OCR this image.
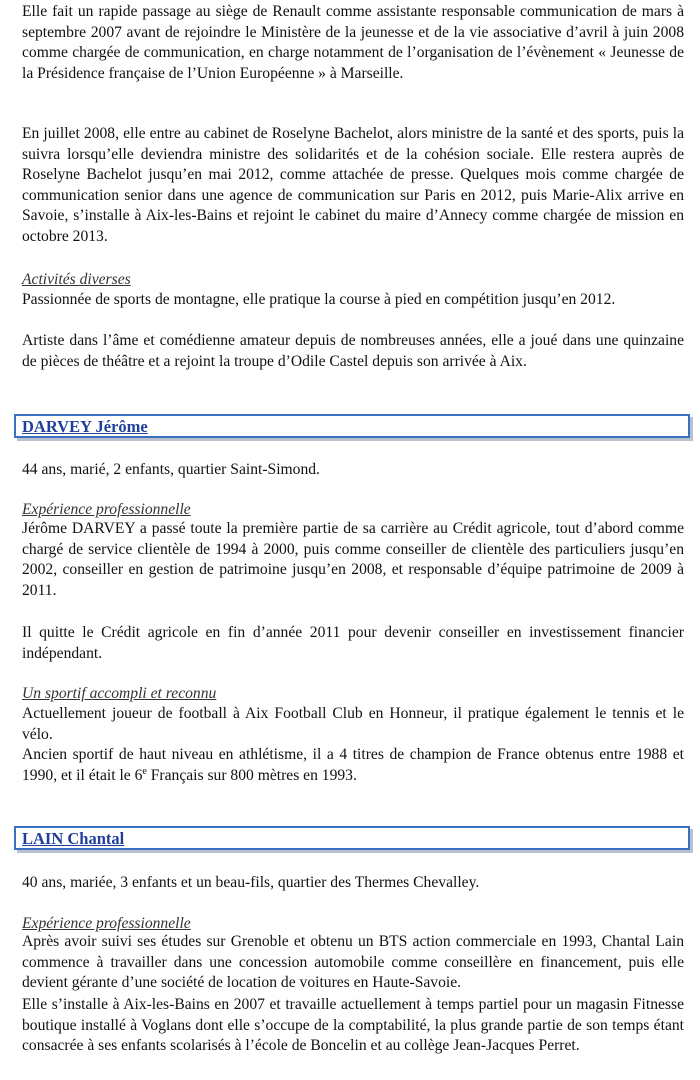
Elle fait un rapide passage au siège de Renault comme assistante responsable communication de mars à septembre 2007 avant de rejoindre le Ministère de la jeunesse et de la vie associative d’avril à juin 2008 comme chargée de communication, en charge notamment de l’organisation de l’évènement « Jeunesse de la Présidence française de l’Union Européenne » à Marseille.

En juillet 2008, elle entre au cabinet de Roselyne Bachelot, alors ministre de la santé et des sports, puis la suivra lorsqu’elle deviendra ministre des solidarités et de la cohésion sociale. Elle restera auprès de Roselyne Bachelot jusqu’en mai 2012, comme attachée de presse. Quelques mois comme chargée de communication senior dans une agence de communication sur Paris en 2012, puis Marie-Alix arrive en Savoie, s’installe à Aix-les-Bains et rejoint le cabinet du maire d’Annecy comme chargée de mission en octobre 2013.

Activités diverses

Passionnée de sports de montagne, elle pratique la course à pied en compétition jusqu’en 2012.

Artiste dans l’âme et comédienne amateur depuis de nombreuses années, elle a joué dans une quinzaine de pièces de théâtre et a rejoint la troupe d’Odile Castel depuis son arrivée à Aix.

DARVEY Jérôme

44 ans, marié, 2 enfants, quartier Saint-Simond.

Expérience professionnelle

Jérôme DARVEY a passé toute la première partie de sa carrière au Crédit agricole, tout d’abord comme chargé de service clientèle de 1994 à 2000, puis comme conseiller de clientèle des particuliers jusqu’en 2002, conseiller en gestion de patrimoine jusqu’en 2008, et responsable d’équipe patrimoine de 2009 à 2011.

Il quitte le Crédit agricole en fin d’année 2011 pour devenir conseiller en investissement financier indépendant.

Un sportif accompli et reconnu

Actuellement joueur de football à Aix Football Club en Honneur, il pratique également le tennis et le vélo.

Ancien sportif de haut niveau en athlétisme, il a 4 titres de champion de France obtenus entre 1988 et 1990, et il était le 6e Français sur 800 mètres en 1993.

LAIN Chantal

40 ans, mariée, 3 enfants et un beau-fils, quartier des Thermes Chevalley.

Expérience professionnelle

Après avoir suivi ses études sur Grenoble et obtenu un BTS action commerciale en 1993, Chantal Lain commence à travailler dans une concession automobile comme conseillère en financement, puis elle devient gérante d’une société de location de voitures en Haute-Savoie.

Elle s’installe à Aix-les-Bains en 2007 et travaille actuellement à temps partiel pour un magasin Fitnesse boutique installé à Voglans dont elle s’occupe de la comptabilité, la plus grande partie de son temps étant consacrée à ses enfants scolarisés à l’école de Boncelin et au collège Jean-Jacques Perret.
